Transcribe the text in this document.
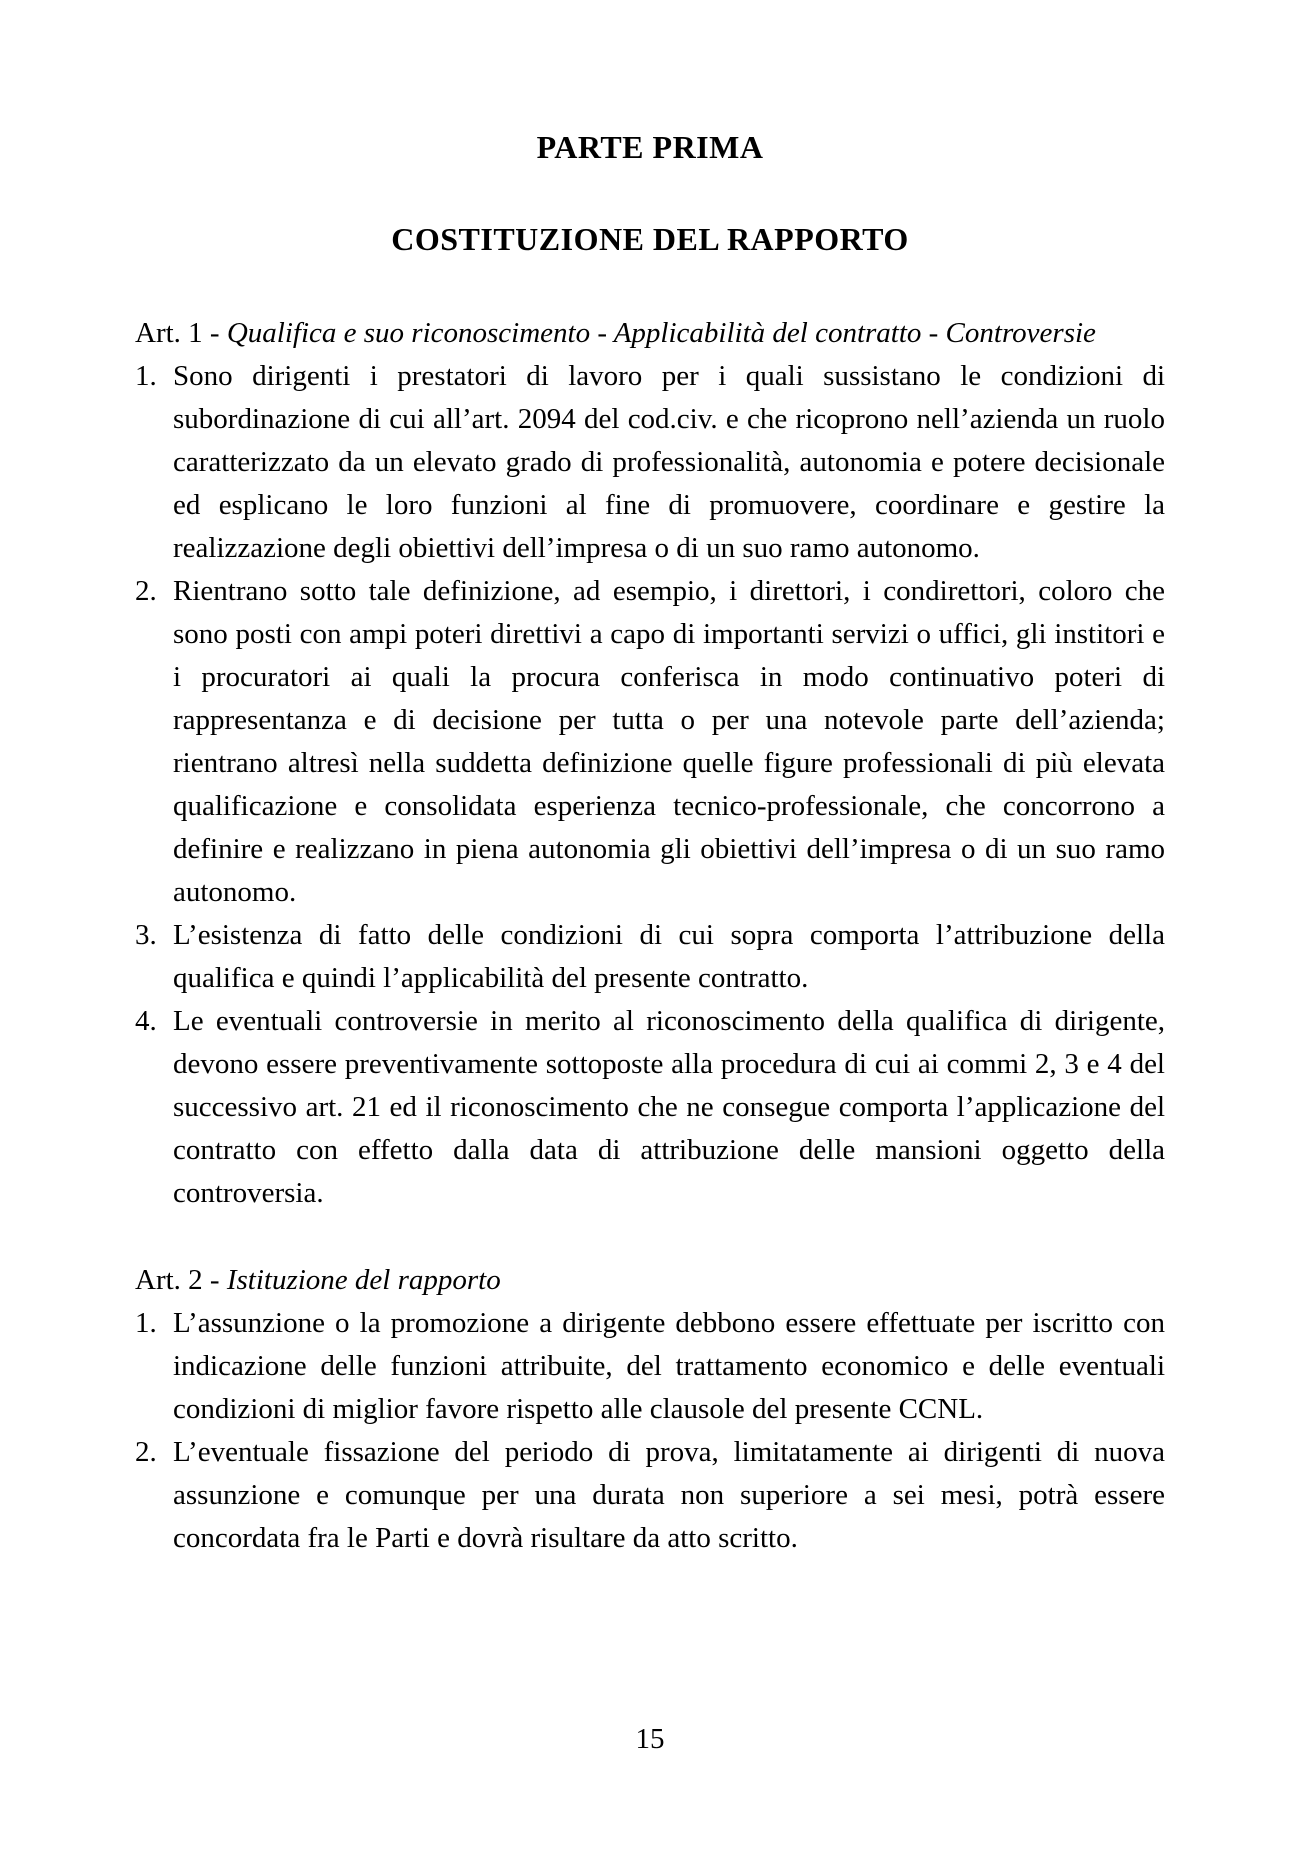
PARTE PRIMA
COSTITUZIONE DEL RAPPORTO

Art. 1 - Qualifica e suo riconoscimento - Applicabilità del contratto - Controversie

1. Sono dirigenti i prestatori di lavoro per i quali sussistano le condizioni di subordinazione di cui all’art. 2094 del cod.civ. e che ricoprono nell’azienda un ruolo caratterizzato da un elevato grado di professionalità, autonomia e potere decisionale ed esplicano le loro funzioni al fine di promuovere, coordinare e gestire la realizzazione degli obiettivi dell’impresa o di un suo ramo autonomo.
2. Rientrano sotto tale definizione, ad esempio, i direttori, i condirettori, coloro che sono posti con ampi poteri direttivi a capo di importanti servizi o uffici, gli institori e i procuratori ai quali la procura conferisca in modo continuativo poteri di rappresentanza e di decisione per tutta o per una notevole parte dell’azienda; rientrano altresì nella suddetta definizione quelle figure professionali di più elevata qualificazione e consolidata esperienza tecnico-professionale, che concorrono a definire e realizzano in piena autonomia gli obiettivi dell’impresa o di un suo ramo autonomo.
3. L’esistenza di fatto delle condizioni di cui sopra comporta l’attribuzione della qualifica e quindi l’applicabilità del presente contratto.
4. Le eventuali controversie in merito al riconoscimento della qualifica di dirigente, devono essere preventivamente sottoposte alla procedura di cui ai commi 2, 3 e 4 del successivo art. 21 ed il riconoscimento che ne consegue comporta l’applicazione del contratto con effetto dalla data di attribuzione delle mansioni oggetto della controversia.

Art. 2 - Istituzione del rapporto

1. L’assunzione o la promozione a dirigente debbono essere effettuate per iscritto con indicazione delle funzioni attribuite, del trattamento economico e delle eventuali condizioni di miglior favore rispetto alle clausole del presente CCNL.
2. L’eventuale fissazione del periodo di prova, limitatamente ai dirigenti di nuova assunzione e comunque per una durata non superiore a sei mesi, potrà essere concordata fra le Parti e dovrà risultare da atto scritto.
15
